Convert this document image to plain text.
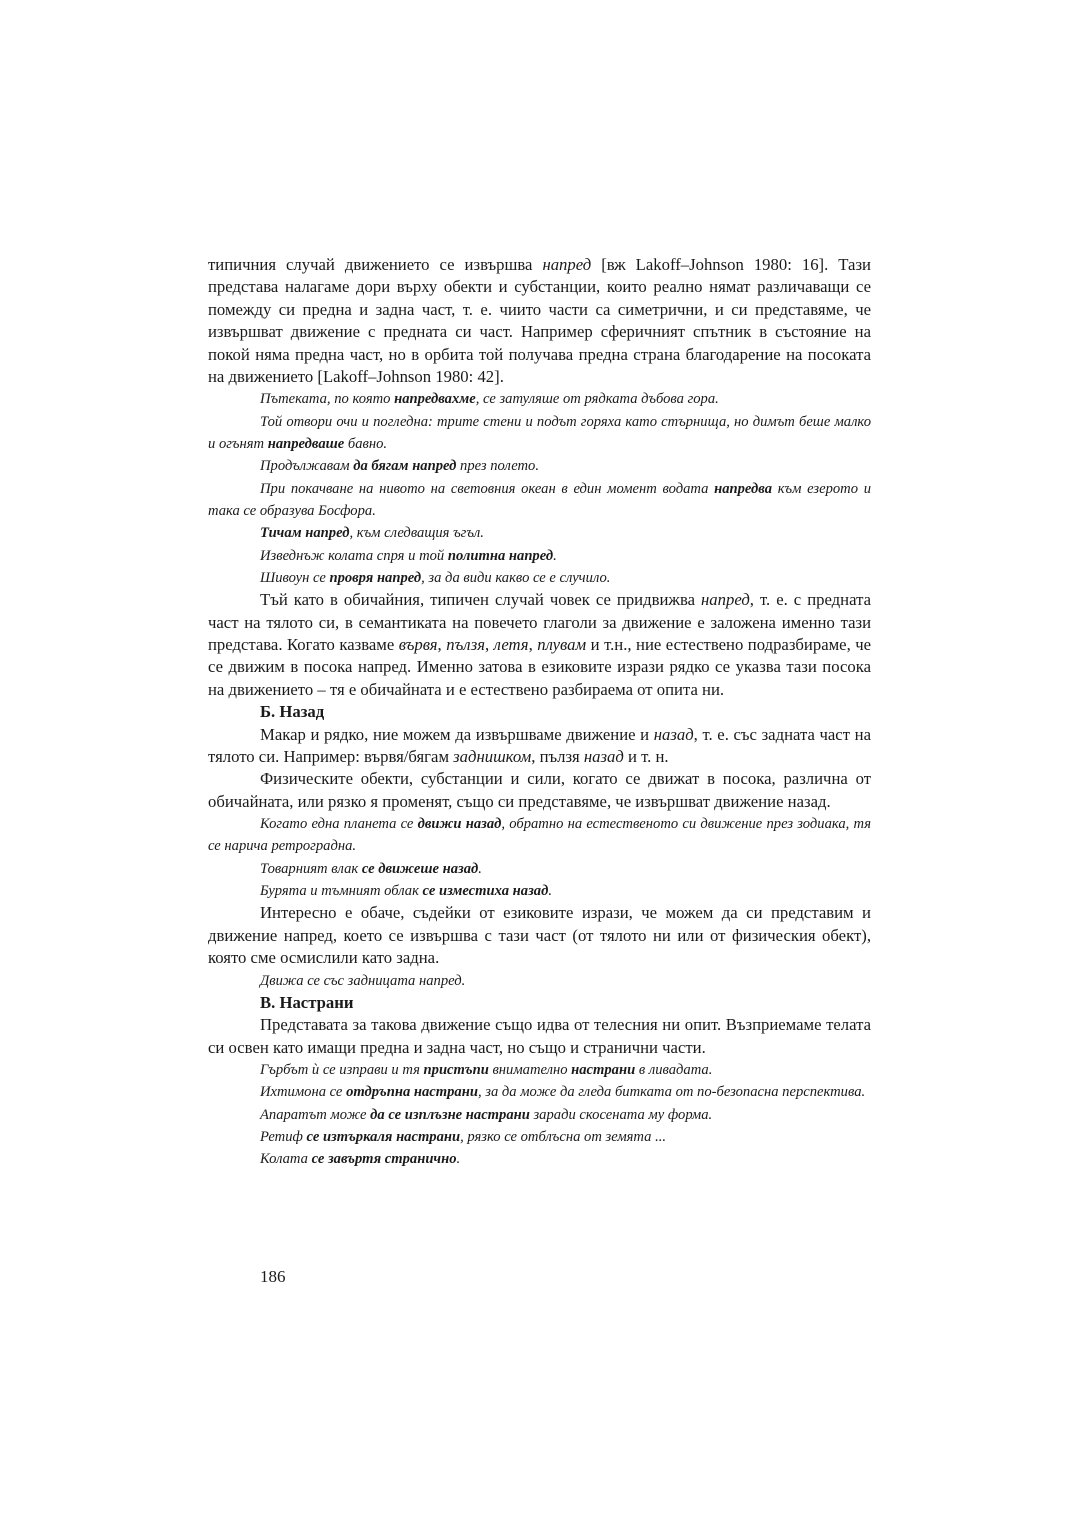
типичния случай движението се извършва напред [вж Lakoff–Johnson 1980: 16]. Тази представа налагаме дори върху обекти и субстанции, които реално нямат различаващи се помежду си предна и задна част, т. е. чиито части са симетрични, и си представяме, че извършват движение с предната си част. Например сферичният спътник в състояние на покой няма предна част, но в орбита той получава предна страна благодарение на посоката на движението [Lakoff–Johnson 1980: 42].

Пътеката, по която напредвахме, се затуляше от рядката дъбова гора.

Той отвори очи и погледна: трите стени и подът горяха като стърнища, но димът беше малко и огънят напредваше бавно.

Продължавам да бягам напред през полето.

При покачване на нивото на световния океан в един момент водата напредва към езерото и така се образува Босфора.

Тичам напред, към следващия ъгъл.

Изведнъж колата спря и той политна напред.

Шивоун се провря напред, за да види какво се е случило.

Тъй като в обичайния, типичен случай човек се придвижва напред, т. е. с предната част на тялото си, в семантиката на повечето глаголи за движение е заложена именно тази представа. Когато казваме вървя, пълзя, летя, плувам и т.н., ние естествено подразбираме, че се движим в посока напред. Именно затова в езиковите изрази рядко се указва тази посока на движението – тя е обичайната и е естествено разбираема от опита ни.

Б. Назад

Макар и рядко, ние можем да извършваме движение и назад, т. е. със задната част на тялото си. Например: вървя/бягам заднишком, пълзя назад и т. н.

Физическите обекти, субстанции и сили, когато се движат в посока, различна от обичайната, или рязко я променят, също си представяме, че извършват движение назад.

Когато една планета се движи назад, обратно на естественото си движение през зодиака, тя се нарича ретроградна.

Товарният влак се движеше назад.

Бурята и тъмният облак се изместиха назад.

Интересно е обаче, съдейки от езиковите изрази, че можем да си представим и движение напред, което се извършва с тази част (от тялото ни или от физическия обект), която сме осмислили като задна.

Движа се със задницата напред.

В. Настрани

Представата за такова движение също идва от телесния ни опит. Възприемаме телата си освен като имащи предна и задна част, но също и странични части.

Гърбът ѝ се изправи и тя пристъпи внимателно настрани в ливадата.

Ихтимона се отдръпна настрани, за да може да гледа битката от по-безопасна перспектива.

Апаратът може да се изплъзне настрани заради скосената му форма.

Ретиф се изтъркаля настрани, рязко се отблъсна от земята ...

Колата се завъртя странично.

186
